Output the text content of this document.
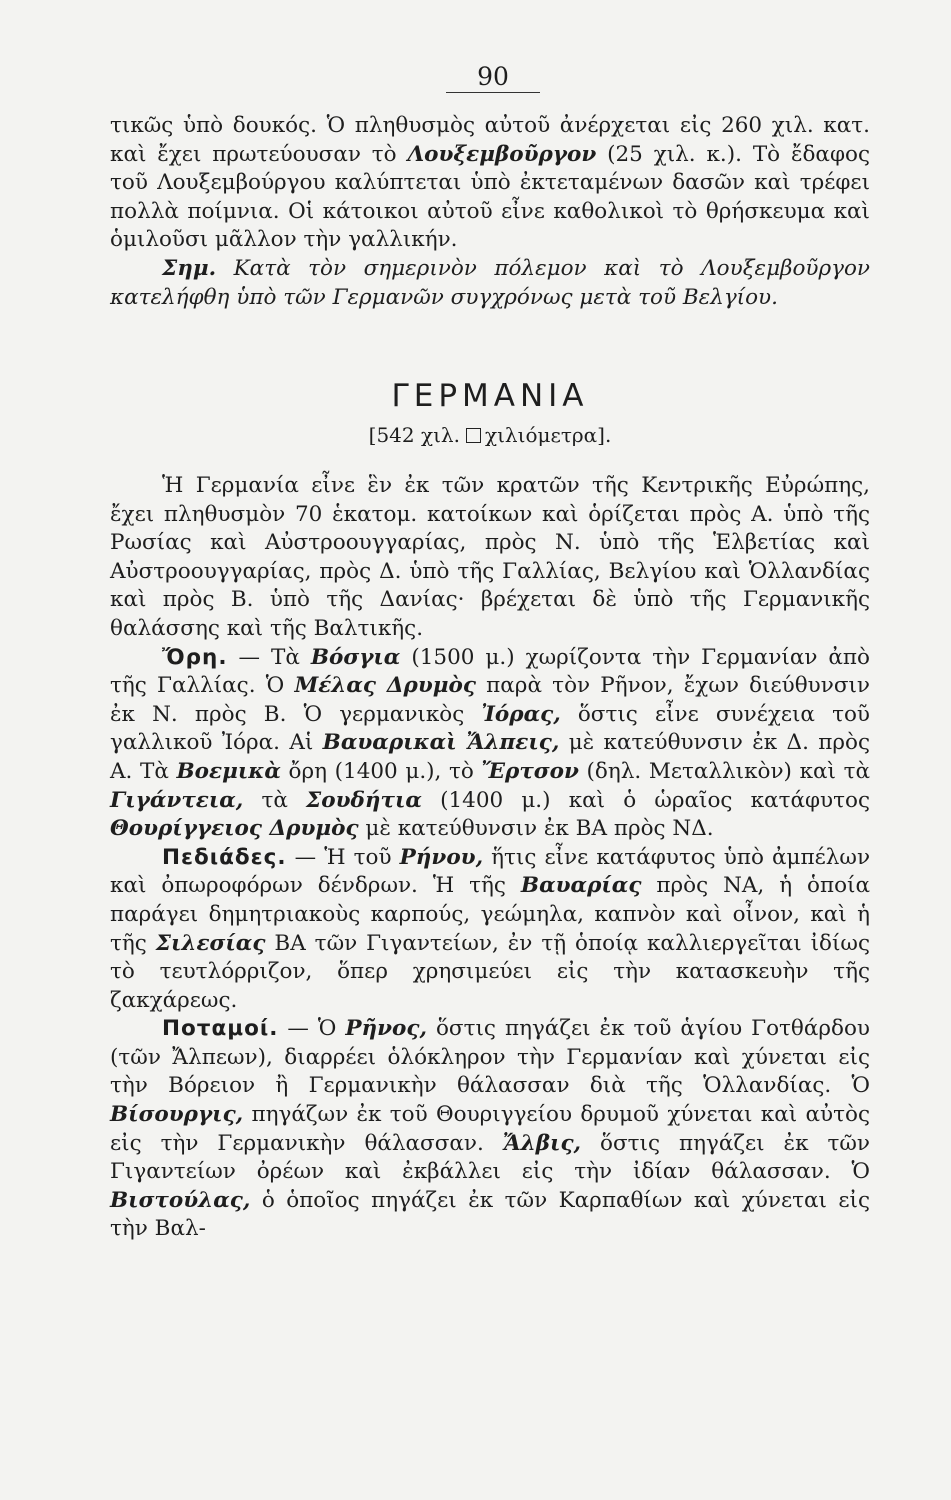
90

τικῶς ὑπὸ δουκός. Ὁ πληθυσμὸς αὐτοῦ ἀνέρχεται εἰς 260 χιλ. κατ. καὶ ἔχει πρωτεύουσαν τὸ Λουξεμβοῦργον (25 χιλ. κ.). Τὸ ἔδαφος τοῦ Λουξεμβούργου καλύπτεται ὑπὸ ἐκτεταμένων δασῶν καὶ τρέφει πολλὰ ποίμνια. Οἱ κάτοικοι αὐτοῦ εἶνε καθολικοὶ τὸ θρήσκευμα καὶ ὁμιλοῦσι μᾶλλον τὴν γαλλικήν.

Σημ. Κατὰ τὸν σημερινὸν πόλεμον καὶ τὸ Λουξεμβοῦργον κατελήφθη ὑπὸ τῶν Γερμανῶν συγχρόνως μετὰ τοῦ Βελγίου.

ΓΕΡΜΑΝΙΑ
[542 χιλ. χιλιόμετρα].

Ἡ Γερμανία εἶνε ἓν ἐκ τῶν κρατῶν τῆς Κεντρικῆς Εὐρώπης, ἔχει πληθυσμὸν 70 ἑκατομ. κατοίκων καὶ ὁρίζεται πρὸς Α. ὑπὸ τῆς Ρωσίας καὶ Αὐστροουγγαρίας, πρὸς Ν. ὑπὸ τῆς Ἑλβετίας καὶ Αὐστροουγγαρίας, πρὸς Δ. ὑπὸ τῆς Γαλλίας, Βελγίου καὶ Ὁλλανδίας καὶ πρὸς Β. ὑπὸ τῆς Δανίας· βρέχεται δὲ ὑπὸ τῆς Γερμανικῆς θαλάσσης καὶ τῆς Βαλτικῆς.

Ὄρη. — Τὰ Βόσγια (1500 μ.) χωρίζοντα τὴν Γερμανίαν ἀπὸ τῆς Γαλλίας. Ὁ Μέλας Δρυμὸς παρὰ τὸν Ρῆνον, ἔχων διεύθυνσιν ἐκ Ν. πρὸς Β. Ὁ γερμανικὸς Ἰόρας, ὅστις εἶνε συνέχεια τοῦ γαλλικοῦ Ἰόρα. Αἱ Βαυαρικαὶ Ἄλπεις, μὲ κατεύθυνσιν ἐκ Δ. πρὸς Α. Τὰ Βοεμικὰ ὄρη (1400 μ.), τὸ Ἔρτσον (δηλ. Μεταλλικὸν) καὶ τὰ Γιγάντεια, τὰ Σουδήτια (1400 μ.) καὶ ὁ ὡραῖος κατάφυτος Θουρίγγειος Δρυμὸς μὲ κατεύθυνσιν ἐκ ΒΑ πρὸς ΝΔ.

Πεδιάδες. — Ἡ τοῦ Ρήνου, ἥτις εἶνε κατάφυτος ὑπὸ ἀμπέλων καὶ ὀπωροφόρων δένδρων. Ἡ τῆς Βαυαρίας πρὸς ΝΑ, ἡ ὁποία παράγει δημητριακοὺς καρπούς, γεώμηλα, καπνὸν καὶ οἶνον, καὶ ἡ τῆς Σιλεσίας ΒΑ τῶν Γιγαντείων, ἐν τῇ ὁποίᾳ καλλιεργεῖται ἰδίως τὸ τευτλόρριζον, ὅπερ χρησιμεύει εἰς τὴν κατασκευὴν τῆς ζακχάρεως.

Ποταμοί. — Ὁ Ρῆνος, ὅστις πηγάζει ἐκ τοῦ ἁγίου Γοτθάρδου (τῶν Ἄλπεων), διαρρέει ὁλόκληρον τὴν Γερμανίαν καὶ χύνεται εἰς τὴν Βόρειον ἢ Γερμανικὴν θάλασσαν διὰ τῆς Ὁλλανδίας. Ὁ Βίσουργις, πηγάζων ἐκ τοῦ Θουριγγείου δρυμοῦ χύνεται καὶ αὐτὸς εἰς τὴν Γερμανικὴν θάλασσαν. Ἄλβις, ὅστις πηγάζει ἐκ τῶν Γιγαντείων ὀρέων καὶ ἐκβάλλει εἰς τὴν ἰδίαν θάλασσαν. Ὁ Βιστούλας, ὁ ὁποῖος πηγάζει ἐκ τῶν Καρπαθίων καὶ χύνεται εἰς τὴν Βαλ-
